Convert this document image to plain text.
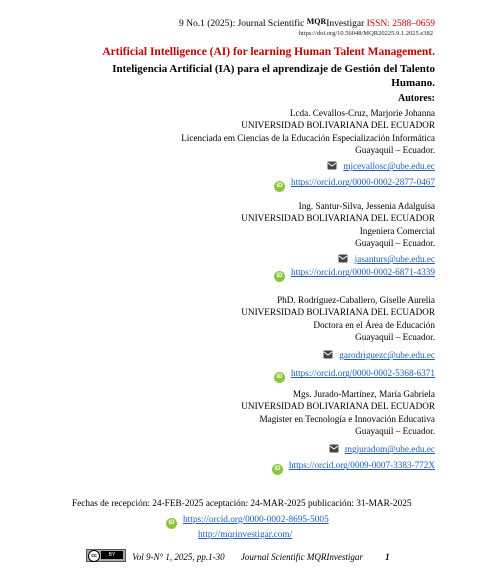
9 No.1 (2025): Journal Scientific $^{MQR}$Investigar ISSN: 2588–0659
https://doi.org/10.56048/MQR20225.9.1.2025.e382
Artificial Intelligence (AI) for learning Human Talent Management.
Inteligencia Artificial (IA) para el aprendizaje de Gestión del Talento Humano.
Autores:
Lcda. Cevallos-Cruz, Marjorie Johanna
UNIVERSIDAD BOLIVARIANA DEL ECUADOR
Licenciada em Ciencias de la Educación Especialización Informática
Guayaquil – Ecuador.
mjcevallosc@ube.edu.ec
iD https://orcid.org/0000-0002-2877-0467
Ing. Santur-Silva, Jessenia Adalguisa
UNIVERSIDAD BOLIVARIANA DEL ECUADOR
Ingeniera Comercial
Guayaquil – Ecuador.
jasanturs@ube.edu.ec
iD https://orcid.org/0000-0002-6871-4339
PhD. Rodríguez-Caballero, Giselle Aurelia
UNIVERSIDAD BOLIVARIANA DEL ECUADOR
Doctora en el Área de Educación
Guayaquil – Ecuador.
garodriguezc@ube.edu.ec
iD https://orcid.org/0000-0002-5368-6371
Mgs. Jurado-Martínez, María Gabriela
UNIVERSIDAD BOLIVARIANA DEL ECUADOR
Magister en Tecnología e Innovación Educativa
Guayaquil – Ecuador.
mgjuradom@ube.edu.ec
iD https://orcid.org/0009-0007-3383-772X
Fechas de recepción: 24-FEB-2025 aceptación: 24-MAR-2025 publicación: 31-MAR-2025
iD https://orcid.org/0000-0002-8695-5005
http://mqrinvestigar.com/
cc	BY	Vol 9-N° 1, 2025, pp.1-30 Journal Scientific MQRInvestigar 1
